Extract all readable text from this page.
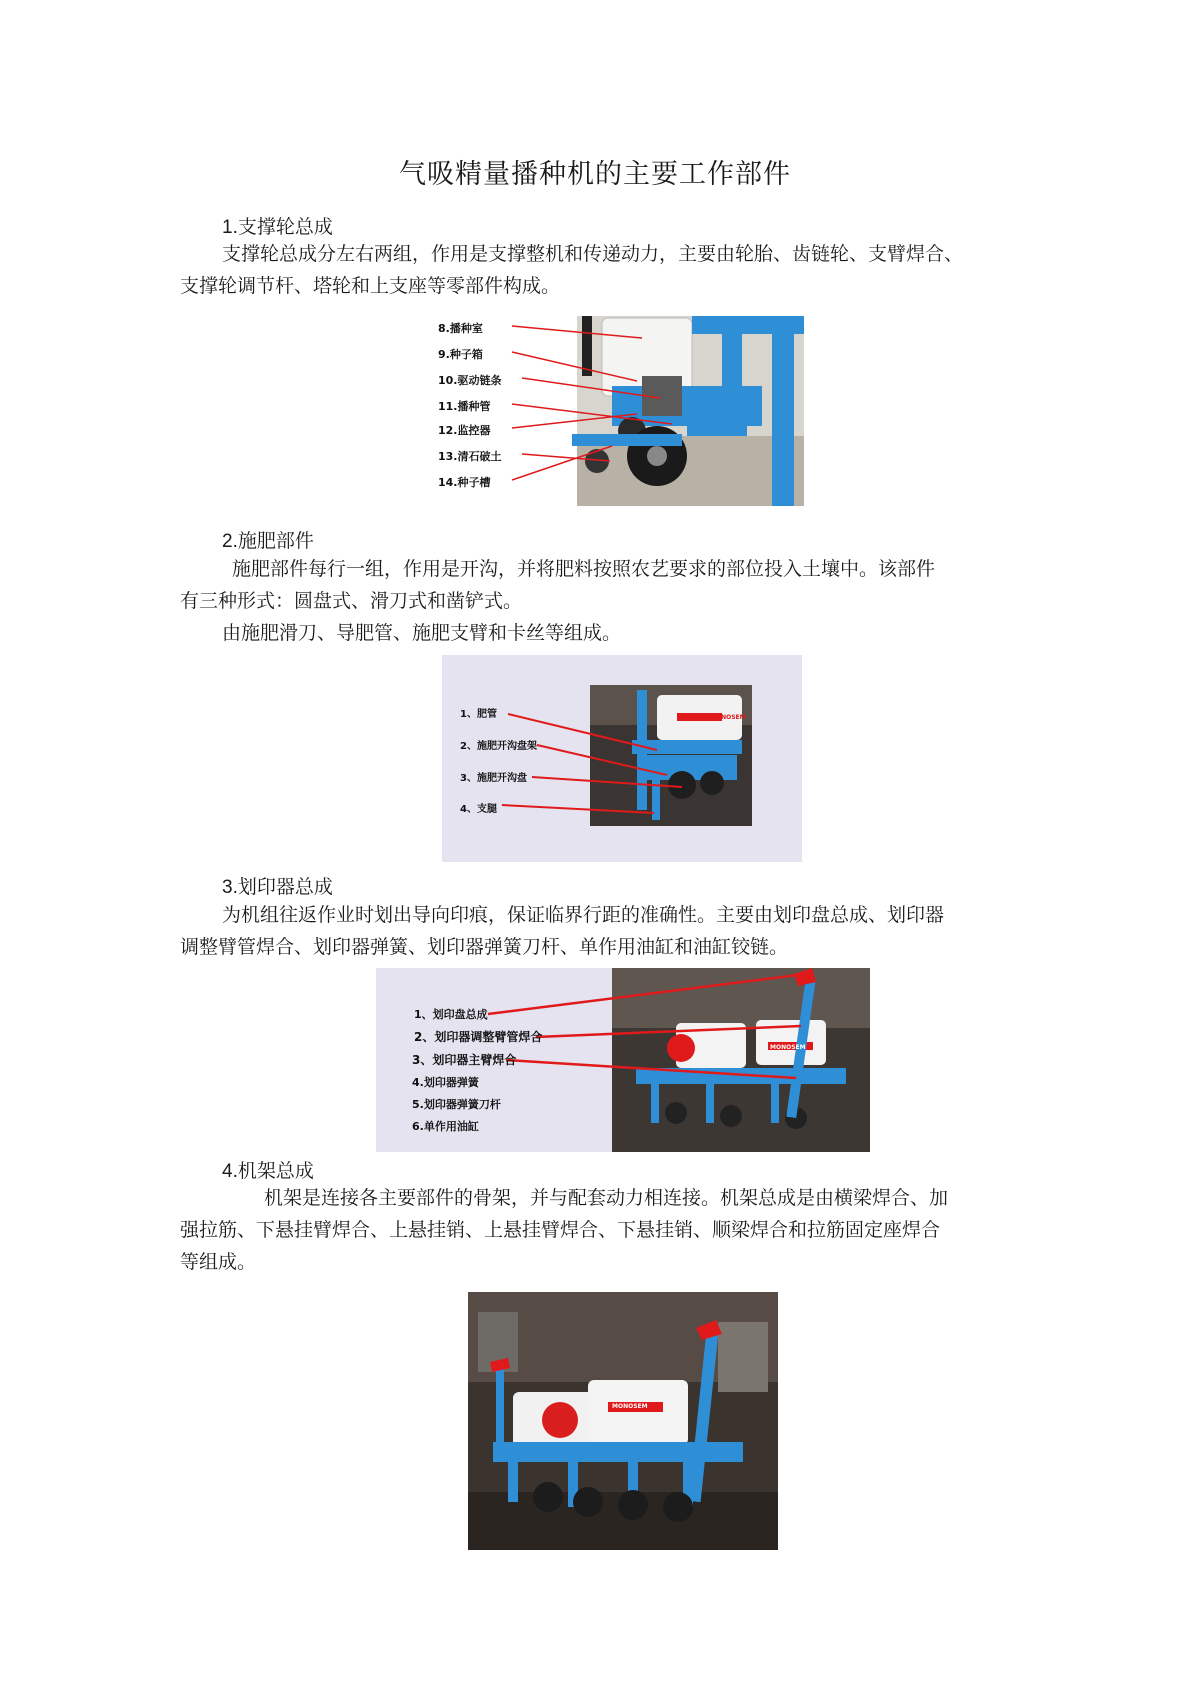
气吸精量播种机的主要工作部件
1.支撑轮总成
支撑轮总成分左右两组，作用是支撑整机和传递动力，主要由轮胎、齿链轮、支臂焊合、
支撑轮调节杆、塔轮和上支座等零部件构成。
8.播种室
9.种子箱
10.驱动链条
11.播种管
12.监控器
13.清石破土
14.种子槽
2.施肥部件
施肥部件每行一组，作用是开沟，并将肥料按照农艺要求的部位投入土壤中。该部件
有三种形式：圆盘式、滑刀式和凿铲式。
由施肥滑刀、导肥管、施肥支臂和卡丝等组成。
1、肥管
2、施肥开沟盘架
3、施肥开沟盘
4、支腿
MONOSEM
3.划印器总成
为机组往返作业时划出导向印痕，保证临界行距的准确性。主要由划印盘总成、划印器
调整臂管焊合、划印器弹簧、划印器弹簧刀杆、单作用油缸和油缸铰链。
1、划印盘总成
2、划印器调整臂管焊合
3、划印器主臂焊合
4.划印器弹簧
5.划印器弹簧刀杆
6.单作用油缸
MONOSEM
4.机架总成
机架是连接各主要部件的骨架，并与配套动力相连接。机架总成是由横梁焊合、加
强拉筋、下悬挂臂焊合、上悬挂销、上悬挂臂焊合、下悬挂销、顺梁焊合和拉筋固定座焊合
等组成。
MONOSEM
